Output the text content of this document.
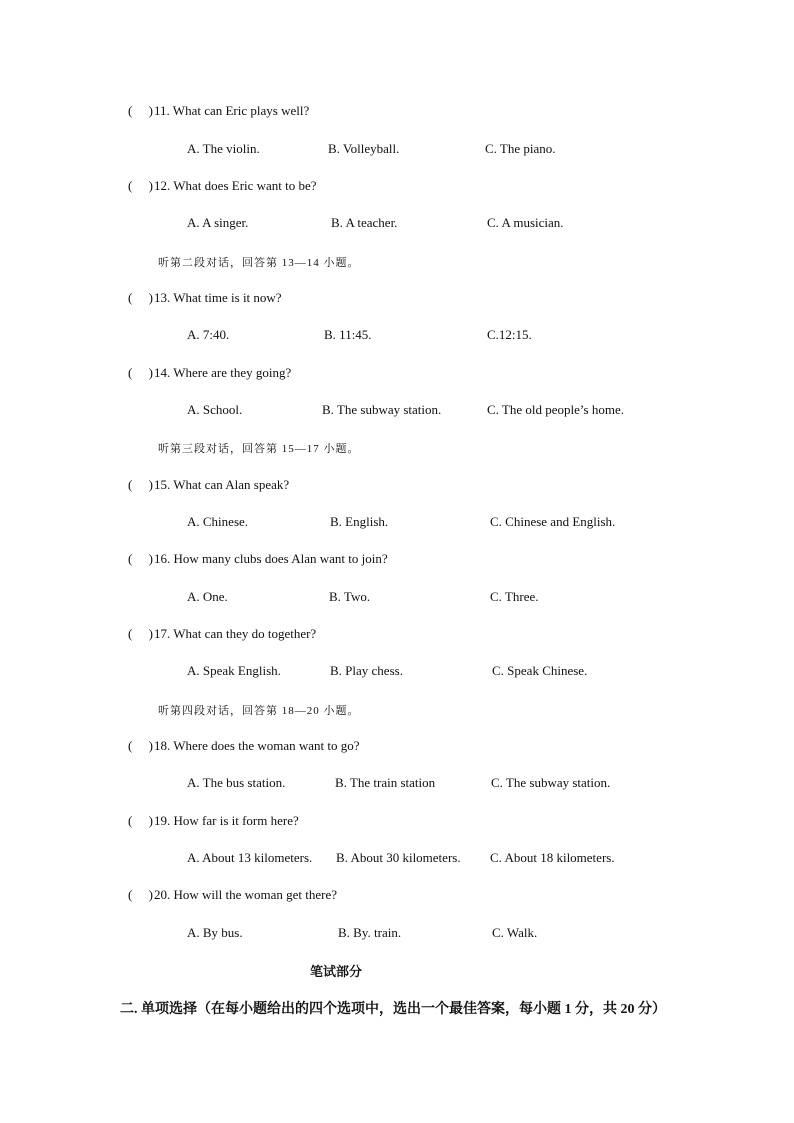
(     )11. What can Eric plays well?
A. The violin.	B. Volleyball.	C. The piano.
(     )12. What does Eric want to be?
A. A singer.	B. A teacher.	C. A musician.
听第二段对话，回答第 13—14 小题。
(     )13. What time is it now?
A. 7:40.	B. 11:45.	C.12:15.
(     )14. Where are they going?
A. School.	B. The subway station.	C. The old people’s home.
听第三段对话，回答第 15—17 小题。
(     )15. What can Alan speak?
A. Chinese.	B. English.	C. Chinese and English.
(     )16. How many clubs does Alan want to join?
A. One.	B. Two.	C. Three.
(     )17. What can they do together?
A. Speak English.	B. Play chess.	C. Speak Chinese.
听第四段对话，回答第 18—20 小题。
(     )18. Where does the woman want to go?
A. The bus station.	B. The train station	C. The subway station.
(     )19. How far is it form here?
A. About 13 kilometers. B. About 30 kilometers. C. About 18 kilometers.
(     )20. How will the woman get there?
A. By bus.	B. By. train.	C. Walk.
笔试部分
二. 单项选择（在每小题给出的四个选项中，选出一个最佳答案，每小题 1 分，共 20 分）
